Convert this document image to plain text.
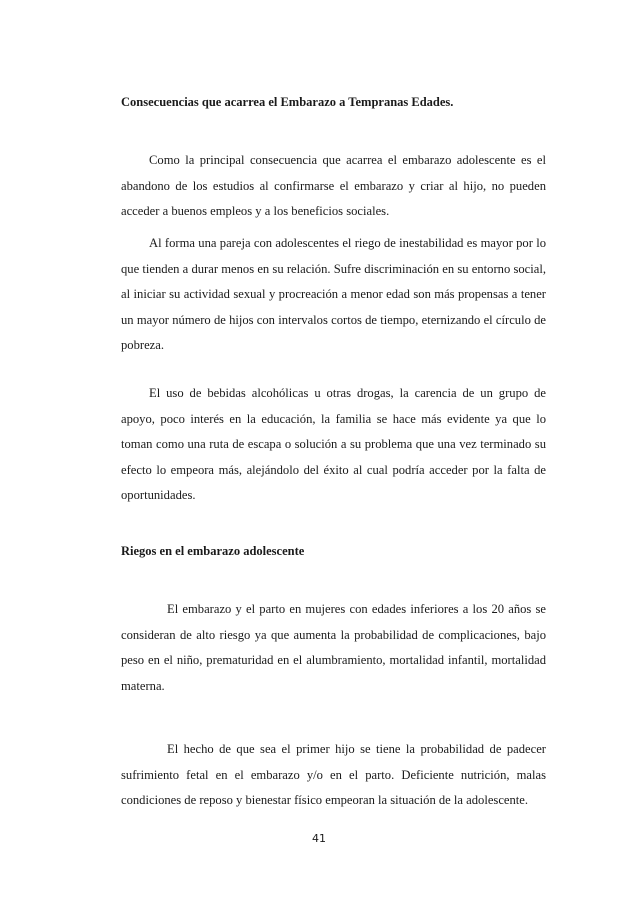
Consecuencias que acarrea el Embarazo a Tempranas Edades.

Como la principal consecuencia que acarrea el embarazo adolescente es el abandono de los estudios al confirmarse el embarazo y criar al hijo, no pueden acceder a buenos empleos y a los beneficios sociales.

Al forma una pareja con adolescentes el riego de inestabilidad es mayor por lo que tienden a durar menos en su relación. Sufre discriminación en su entorno social, al iniciar su actividad sexual y procreación a menor edad son más propensas a tener un mayor número de hijos con intervalos cortos de tiempo, eternizando el círculo de pobreza.

El uso de bebidas alcohólicas u otras drogas, la carencia de un grupo de apoyo, poco interés en la educación, la familia se hace más evidente ya que lo toman como una ruta de escapa o solución a su problema que una vez terminado su efecto lo empeora más, alejándolo del éxito al cual podría acceder por la falta de oportunidades.

Riegos en el embarazo adolescente

El embarazo y el parto en mujeres con edades inferiores a los 20 años se consideran de alto riesgo ya que aumenta la probabilidad de complicaciones, bajo peso en el niño, prematuridad en el alumbramiento, mortalidad infantil, mortalidad materna.

El hecho de que sea el primer hijo se tiene la probabilidad de padecer sufrimiento fetal en el embarazo y/o en el parto. Deficiente nutrición, malas condiciones de reposo y bienestar físico empeoran la situación de la adolescente.

41
